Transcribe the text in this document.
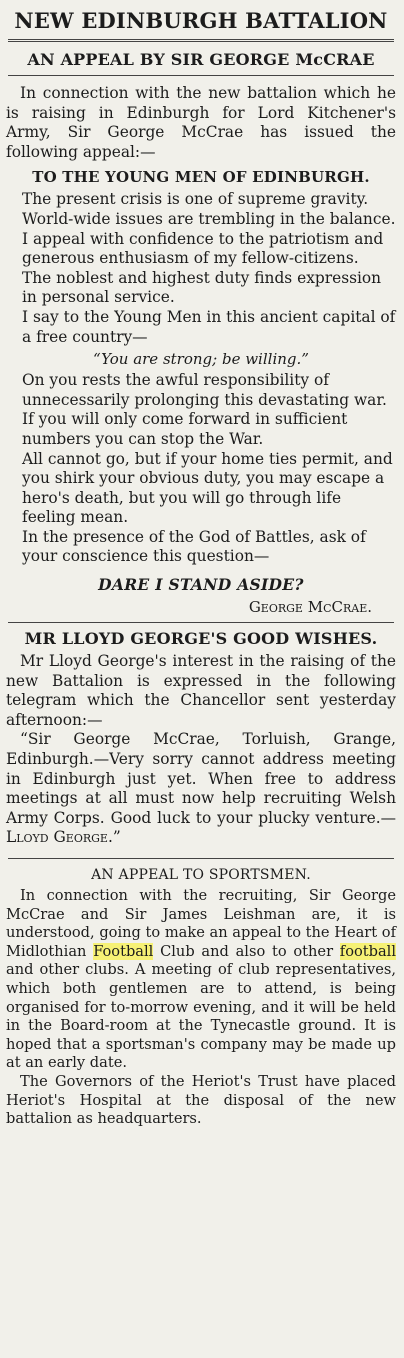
NEW EDINBURGH BATTALION
AN APPEAL BY SIR GEORGE McCRAE

In connection with the new battalion which he is raising in Edinburgh for Lord Kitchener's Army, Sir George McCrae has issued the following appeal:—

TO THE YOUNG MEN OF EDINBURGH.

The present crisis is one of supreme gravity. World-wide issues are trembling in the balance.

I appeal with confidence to the patriotism and generous enthusiasm of my fellow-citizens.

The noblest and highest duty finds expression in personal service.

I say to the Young Men in this ancient capital of a free country—

“You are strong; be willing.”

On you rests the awful responsibility of unnecessarily prolonging this devastating war. If you will only come forward in sufficient numbers you can stop the War.

All cannot go, but if your home ties permit, and you shirk your obvious duty, you may escape a hero's death, but you will go through life feeling mean.

In the presence of the God of Battles, ask of your conscience this question—

DARE I STAND ASIDE?
George McCrae.
MR LLOYD GEORGE'S GOOD WISHES.

Mr Lloyd George's interest in the raising of the new Battalion is expressed in the following telegram which the Chancellor sent yesterday afternoon:—

“Sir George McCrae, Torluish, Grange, Edinburgh.—Very sorry cannot address meeting in Edinburgh just yet. When free to address meetings at all must now help recruiting Welsh Army Corps. Good luck to your plucky venture.—Lloyd George.”

AN APPEAL TO SPORTSMEN.

In connection with the recruiting, Sir George McCrae and Sir James Leishman are, it is understood, going to make an appeal to the Heart of Midlothian Football Club and also to other football and other clubs. A meeting of club representatives, which both gentlemen are to attend, is being organised for to-morrow evening, and it will be held in the Board-room at the Tynecastle ground. It is hoped that a sportsman's company may be made up at an early date.

The Governors of the Heriot's Trust have placed Heriot's Hospital at the disposal of the new battalion as headquarters.
